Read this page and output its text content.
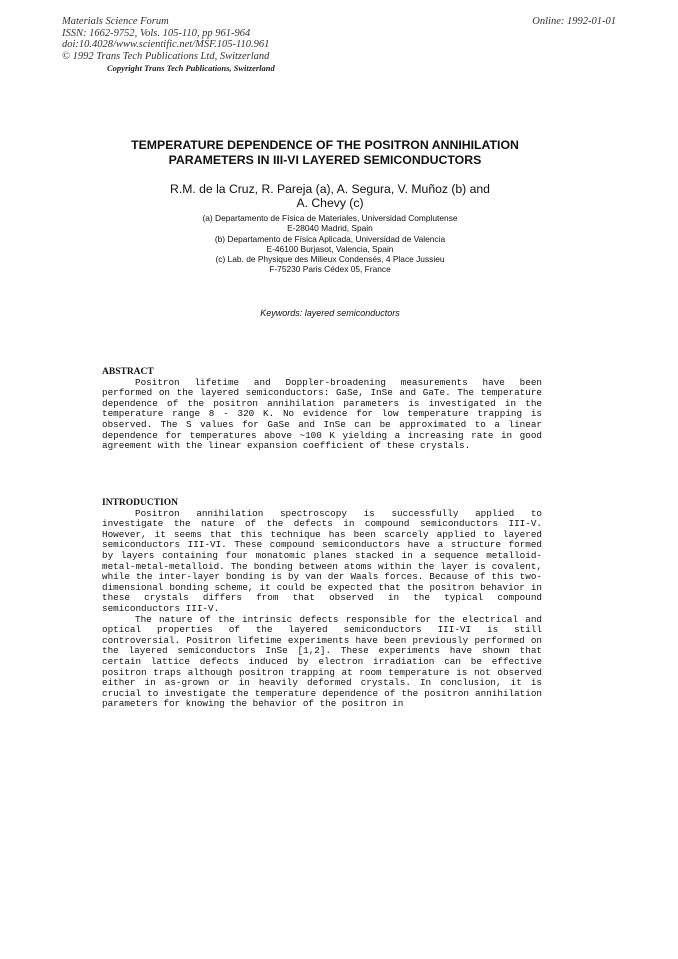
Materials Science Forum
ISSN: 1662-9752, Vols. 105-110, pp 961-964
doi:10.4028/www.scientific.net/MSF.105-110.961
© 1992 Trans Tech Publications Ltd, Switzerland
Copyright Trans Tech Publications, Switzerland
Online: 1992-01-01
TEMPERATURE DEPENDENCE OF THE POSITRON ANNIHILATION
PARAMETERS IN III-VI LAYERED SEMICONDUCTORS
R.M. de la Cruz, R. Pareja (a), A. Segura, V. Muñoz (b) and
A. Chevy (c)
(a) Departamento de Física de Materiales, Universidad Complutense
E-28040 Madrid, Spain
(b) Departamento de Física Aplicada, Universidad de Valencia
E-46100 Burjasot, Valencia, Spain
(c) Lab. de Physique des Milieux Condensés, 4 Place Jussieu
F-75230 Paris Cédex 05, France
Keywords: layered semiconductors
ABSTRACT

Positron lifetime and Doppler-broadening measurements have been performed on the layered semiconductors: GaSe, InSe and GaTe. The temperature dependence of the positron annihilation parameters is investigated in the temperature range 8 - 320 K. No evidence for low temperature trapping is observed. The S values for GaSe and InSe can be approximated to a linear dependence for temperatures above ~100 K yielding a increasing rate in good agreement with the linear expansion coefficient of these crystals.

INTRODUCTION

Positron annihilation spectroscopy is successfully applied to investigate the nature of the defects in compound semiconductors III-V. However, it seems that this technique has been scarcely applied to layered semiconductors III-VI. These compound semiconductors have a structure formed by layers containing four monatomic planes stacked in a sequence metalloid-metal-metal-metalloid. The bonding between atoms within the layer is covalent, while the inter-layer bonding is by van der Waals forces. Because of this two-dimensional bonding scheme, it could be expected that the positron behavior in these crystals differs from that observed in the typical compound semiconductors III-V.

The nature of the intrinsic defects responsible for the electrical and optical properties of the layered semiconductors III-VI is still controversial. Positron lifetime experiments have been previously performed on the layered semiconductors InSe [1,2]. These experiments have shown that certain lattice defects induced by electron irradiation can be effective positron traps although positron trapping at room temperature is not observed either in as-grown or in heavily deformed crystals. In conclusion, it is crucial to investigate the temperature dependence of the positron annihilation parameters for knowing the behavior of the positron in
